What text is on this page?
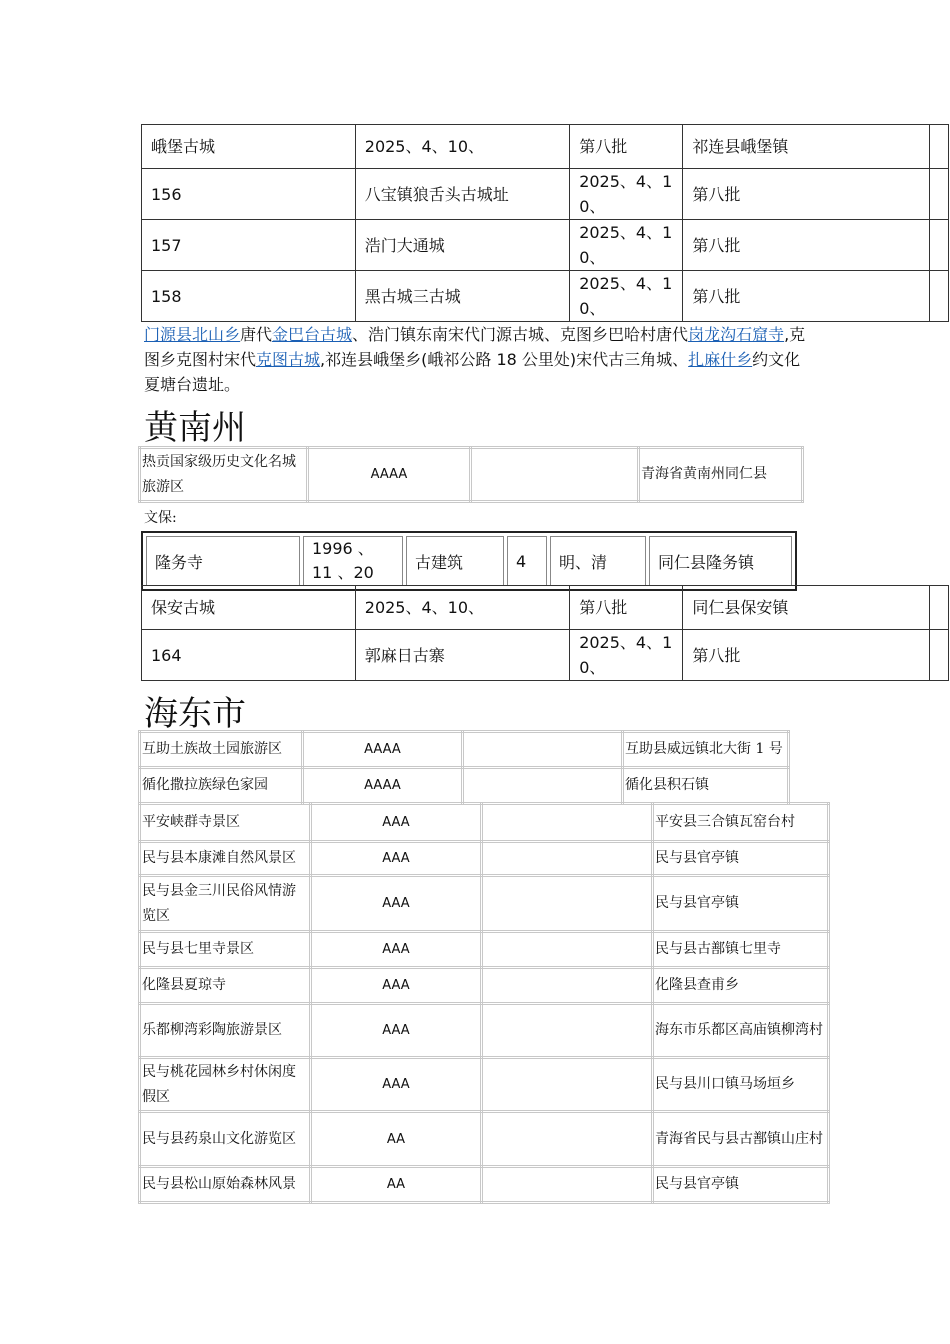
峨堡古城	2025、4、10、	第八批	祁连县峨堡镇	
156	八宝镇狼舌头古城址	2025、4、10、	第八批	
157	浩门大通城	2025、4、10、	第八批	
158	黑古城三古城	2025、4、10、	第八批	
门源县北山乡唐代金巴台古城、浩门镇东南宋代门源古城、克图乡巴哈村唐代岗龙沟石窟寺,克图乡克图村宋代克图古城,祁连县峨堡乡(峨祁公路 18 公里处)宋代古三角城、扎麻什乡约文化夏塘台遗址。
黄南州
热贡国家级历史文化名城旅游区	AAAA		青海省黄南州同仁县
文保:
隆务寺	1996 、 11 、20	古建筑	4	明、清	同仁县隆务镇
保安古城	2025、4、10、	第八批	同仁县保安镇	
164	郭麻日古寨	2025、4、10、	第八批	
海东市
互助土族故土园旅游区	AAAA		互助县威远镇北大街 1 号
循化撒拉族绿色家园	AAAA		循化县积石镇
平安峡群寺景区	AAA		平安县三合镇瓦窑台村
民与县本康滩自然风景区	AAA		民与县官亭镇
民与县金三川民俗风情游览区	AAA		民与县官亭镇
民与县七里寺景区	AAA		民与县古鄯镇七里寺
化隆县夏琼寺	AAA		化隆县查甫乡
乐都柳湾彩陶旅游景区	AAA		海东市乐都区高庙镇柳湾村
民与桃花园林乡村休闲度假区	AAA		民与县川口镇马场垣乡
民与县药泉山文化游览区	AA		青海省民与县古鄯镇山庄村
民与县松山原始森林风景	AA		民与县官亭镇
